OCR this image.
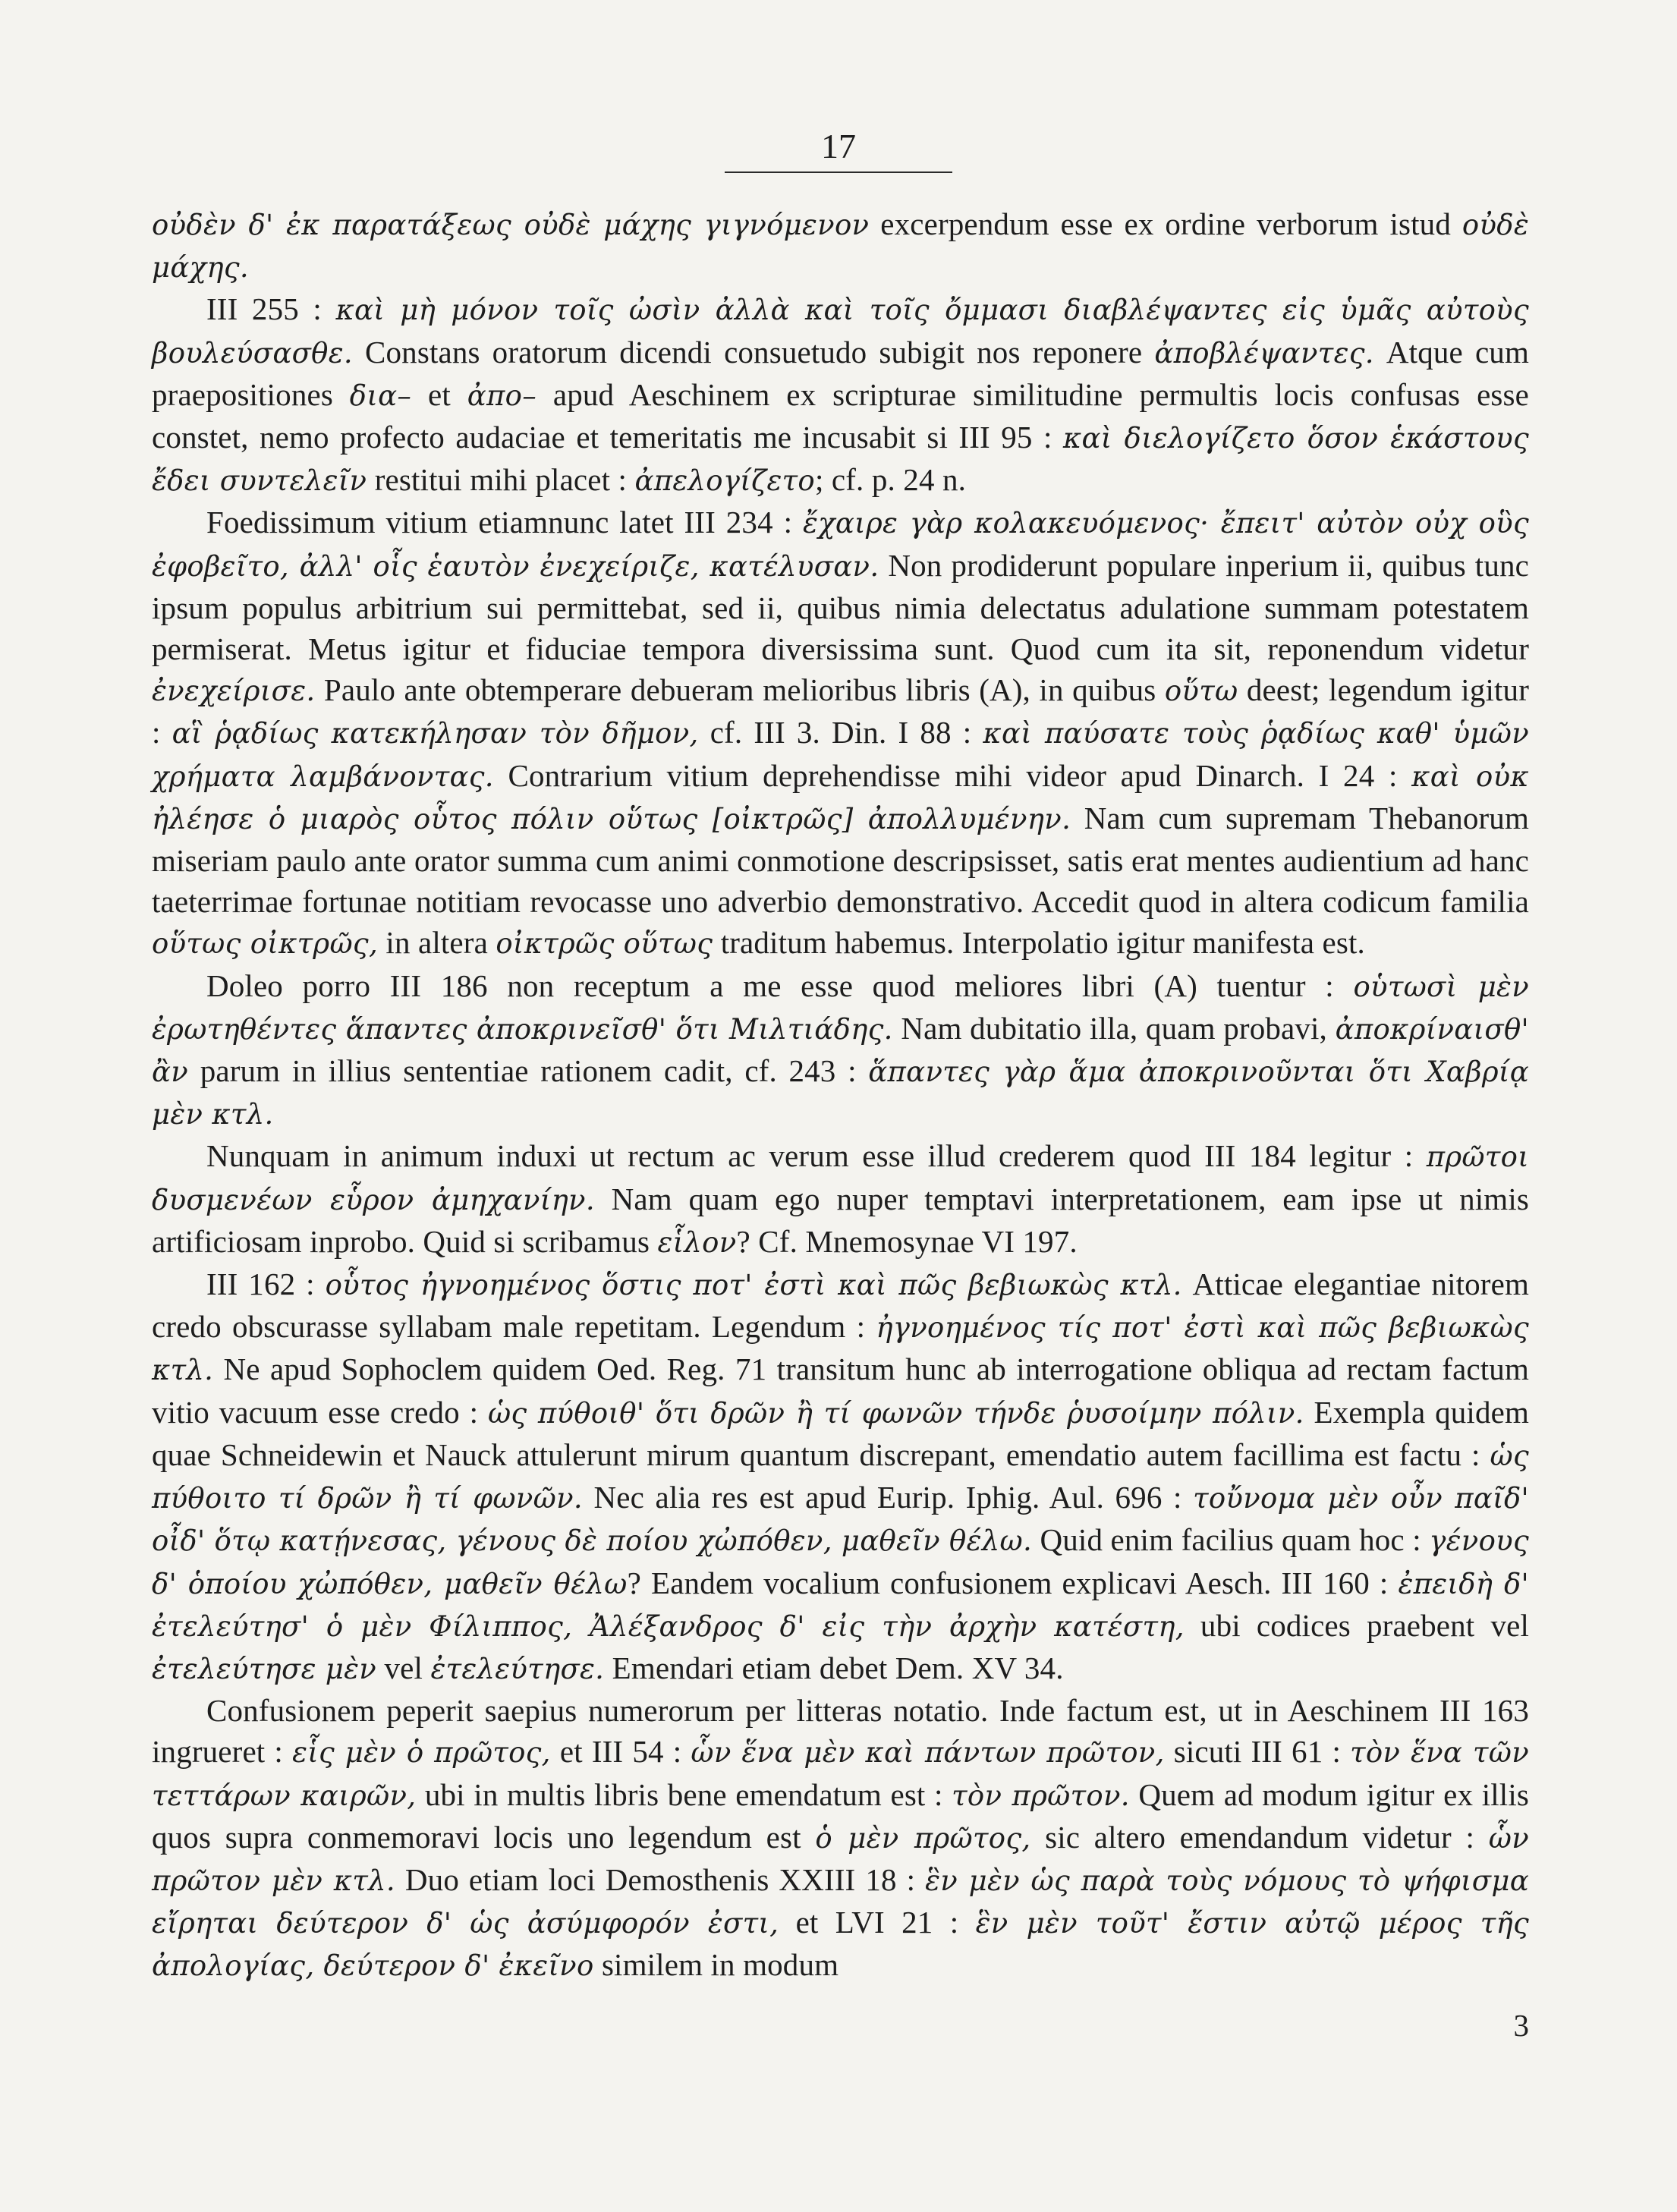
17

οὐδὲν δ' ἐκ παρατάξεως οὐδὲ μάχης γιγνόμενον excerpendum esse ex ordine verborum istud οὐδὲ μάχης.

III 255 : καὶ μὴ μόνον τοῖς ὠσὶν ἀλλὰ καὶ τοῖς ὄμμασι διαβλέψαντες εἰς ὑμᾶς αὐτοὺς βουλεύσασθε. Constans oratorum dicendi consuetudo subigit nos reponere ἀποβλέψαντες. Atque cum praepositiones δια– et ἀπο– apud Aeschinem ex scripturae similitudine permultis locis confusas esse constet, nemo profecto audaciae et temeritatis me incusabit si III 95 : καὶ διελογίζετο ὅσον ἑκάστους ἔδει συντελεῖν restitui mihi placet : ἀπελογίζετο; cf. p. 24 n.

Foedissimum vitium etiamnunc latet III 234 : ἔχαιρε γὰρ κολακευόμενος· ἔπειτ' αὐτὸν οὐχ οὓς ἐφοβεῖτο, ἀλλ' οἷς ἑαυτὸν ἐνεχείριζε, κατέλυσαν. Non prodiderunt populare inperium ii, quibus tunc ipsum populus arbitrium sui permittebat, sed ii, quibus nimia delectatus adulatione summam potestatem permiserat. Metus igitur et fiduciae tempora diversissima sunt. Quod cum ita sit, reponendum videtur ἐνεχείρισε. Paulo ante obtemperare debueram melioribus libris (A), in quibus οὕτω deest; legendum igitur : αἳ ῥᾳδίως κατεκήλησαν τὸν δῆμον, cf. III 3. Din. I 88 : καὶ παύσατε τοὺς ῥᾳδίως καθ' ὑμῶν χρήματα λαμβάνοντας. Contrarium vitium deprehendisse mihi videor apud Dinarch. I 24 : καὶ οὐκ ἠλέησε ὁ μιαρὸς οὗτος πόλιν οὕτως [οἰκτρῶς] ἀπολλυμένην. Nam cum supremam Thebanorum miseriam paulo ante orator summa cum animi conmotione descripsisset, satis erat mentes audientium ad hanc taeterrimae fortunae notitiam revocasse uno adverbio demonstrativo. Accedit quod in altera codicum familia οὕτως οἰκτρῶς, in altera οἰκτρῶς οὕτως traditum habemus. Interpolatio igitur manifesta est.

Doleo porro III 186 non receptum a me esse quod meliores libri (A) tuentur : οὑτωσὶ μὲν ἐρωτηθέντες ἅπαντες ἀποκρινεῖσθ' ὅτι Μιλτιάδης. Nam dubitatio illa, quam probavi, ἀποκρίναισθ' ἂν parum in illius sententiae rationem cadit, cf. 243 : ἅπαντες γὰρ ἅμα ἀποκρινοῦνται ὅτι Χαβρίᾳ μὲν κτλ.

Nunquam in animum induxi ut rectum ac verum esse illud crederem quod III 184 legitur : πρῶτοι δυσμενέων εὗρον ἀμηχανίην. Nam quam ego nuper temptavi interpretationem, eam ipse ut nimis artificiosam inprobo. Quid si scribamus εἷλον? Cf. Mnemosynae VI 197.

III 162 : οὗτος ἠγνοημένος ὅστις ποτ' ἐστὶ καὶ πῶς βεβιωκὼς κτλ. Atticae elegantiae nitorem credo obscurasse syllabam male repetitam. Legendum : ἠγνοημένος τίς ποτ' ἐστὶ καὶ πῶς βεβιωκὼς κτλ. Ne apud Sophoclem quidem Oed. Reg. 71 transitum hunc ab interrogatione obliqua ad rectam factum vitio vacuum esse credo : ὡς πύθοιθ' ὅτι δρῶν ἢ τί φωνῶν τήνδε ῥυσοίμην πόλιν. Exempla quidem quae Schneidewin et Nauck attulerunt mirum quantum discrepant, emendatio autem facillima est factu : ὡς πύθοιτο τί δρῶν ἢ τί φωνῶν. Nec alia res est apud Eurip. Iphig. Aul. 696 : τοὔνομα μὲν οὖν παῖδ' οἶδ' ὅτῳ κατῄνεσας, γένους δὲ ποίου χὠπόθεν, μαθεῖν θέλω. Quid enim facilius quam hoc : γένους δ' ὁποίου χὠπόθεν, μαθεῖν θέλω? Eandem vocalium confusionem explicavi Aesch. III 160 : ἐπειδὴ δ' ἐτελεύτησ' ὁ μὲν Φίλιππος, Ἀλέξανδρος δ' εἰς τὴν ἀρχὴν κατέστη, ubi codices praebent vel ἐτελεύτησε μὲν vel ἐτελεύτησε. Emendari etiam debet Dem. XV 34.

Confusionem peperit saepius numerorum per litteras notatio. Inde factum est, ut in Aeschinem III 163 ingrueret : εἷς μὲν ὁ πρῶτος, et III 54 : ὧν ἕνα μὲν καὶ πάντων πρῶτον, sicuti III 61 : τὸν ἕνα τῶν τεττάρων καιρῶν, ubi in multis libris bene emendatum est : τὸν πρῶτον. Quem ad modum igitur ex illis quos supra conmemoravi locis uno legendum est ὁ μὲν πρῶτος, sic altero emendandum videtur : ὧν πρῶτον μὲν κτλ. Duo etiam loci Demosthenis XXIII 18 : ἓν μὲν ὡς παρὰ τοὺς νόμους τὸ ψήφισμα εἴρηται δεύτερον δ' ὡς ἀσύμφορόν ἐστι, et LVI 21 : ἓν μὲν τοῦτ' ἔστιν αὐτῷ μέρος τῆς ἀπολογίας, δεύτερον δ' ἐκεῖνο similem in modum

3
